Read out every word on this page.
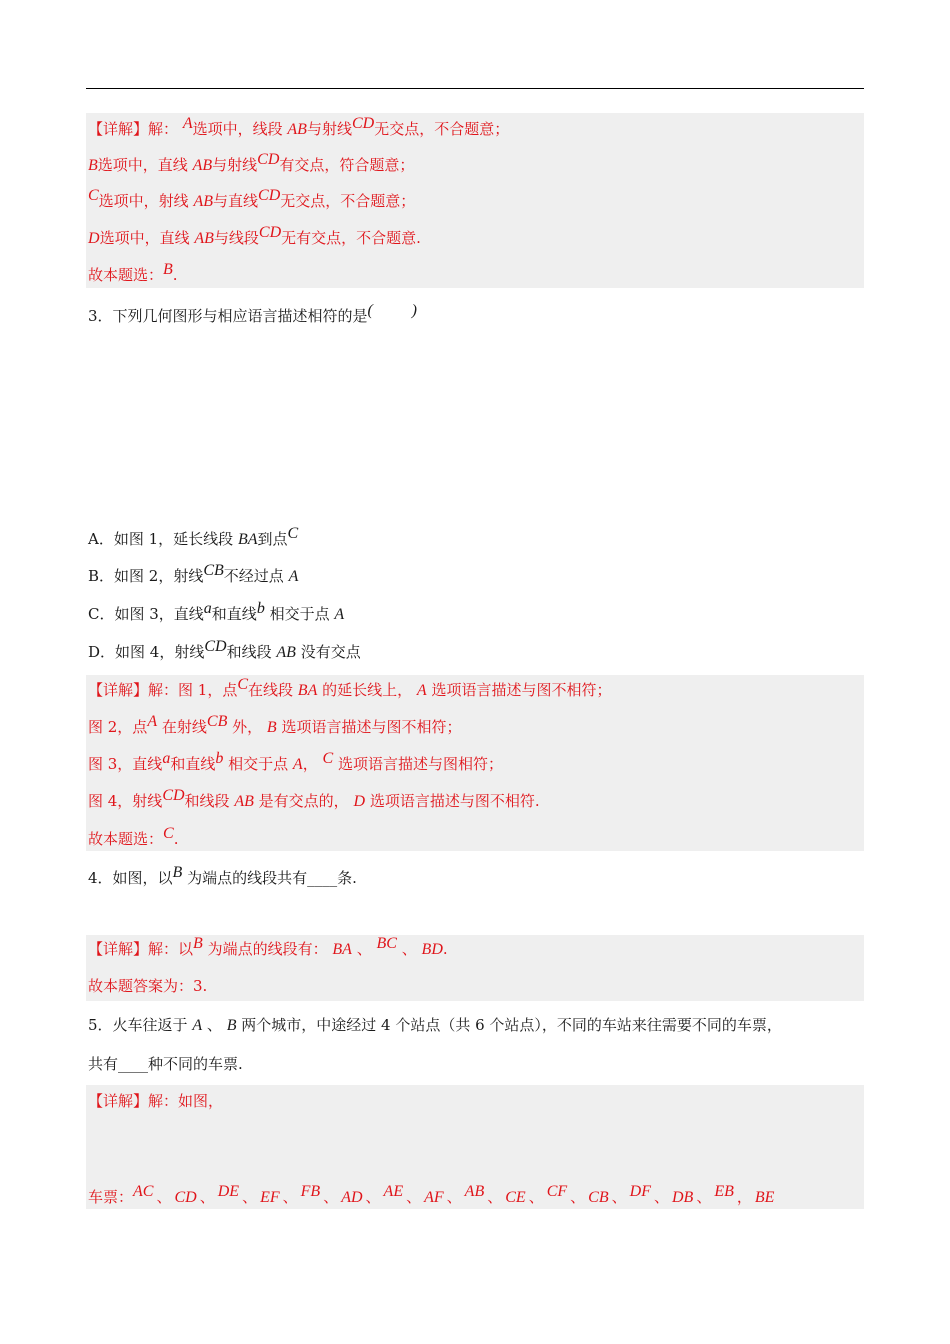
【详解】解： A选项中，线段 AB与射线CD无交点，不合题意；
B选项中，直线 AB与射线CD有交点，符合题意；
C选项中，射线 AB与直线CD无交点，不合题意；
D选项中，直线 AB与线段CD无有交点，不合题意.
故本题选：B.
3．下列几何图形与相应语言描述相符的是( )
A．如图 1，延长线段 BA到点C
B．如图 2，射线CB不经过点 A
C．如图 3，直线a和直线b 相交于点 A
D．如图 4，射线CD和线段 AB 没有交点
【详解】解：图 1，点C在线段 BA 的延长线上， A 选项语言描述与图不相符；
图 2，点A 在射线CB 外， B 选项语言描述与图不相符；
图 3，直线a和直线b 相交于点 A， C 选项语言描述与图相符；
图 4，射线CD和线段 AB 是有交点的， D 选项语言描述与图不相符.
故本题选：C.
4．如图，以B 为端点的线段共有____条.
【详解】解：以B 为端点的线段有： BA 、 BC 、 BD.
故本题答案为：3.
5．火车往返于 A 、 B 两个城市，中途经过 4 个站点（共 6 个站点），不同的车站来往需要不同的车票，
共有____种不同的车票.
【详解】解：如图，
车票：AC 、 CD 、 DE 、 EF 、 FB 、 AD 、 AE 、 AF 、 AB 、 CE 、 CF 、 CB 、 DF 、 DB 、 EB ， BE
